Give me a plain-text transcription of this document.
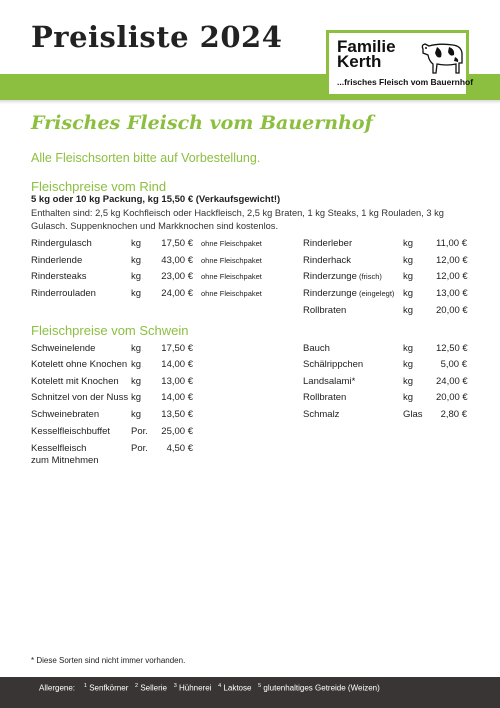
Preisliste 2024	Familie
Kerth
...frisches Fleisch vom Bauernhof
Frisches Fleisch vom Bauernhof
Alle Fleischsorten bitte auf Vorbestellung.
Fleischpreise vom Rind
5 kg oder 10 kg Packung, kg 15,50 € (Verkaufsgewicht!)
Enthalten sind: 2,5 kg Kochfleisch oder Hackfleisch, 2,5 kg Braten, 1 kg Steaks, 1 kg Rouladen, 3 kg Gulasch. Suppenknochen und Markknochen sind kostenlos.
Rindergulasch	kg 17,50 € ohne Fleischpaket
Rinderlende	kg 43,00 € ohne Fleischpaket
Rindersteaks	kg 23,00 € ohne Fleischpaket
Rinderrouladen	kg 24,00 € ohne Fleischpaket
Rinderleber	kg 11,00 €
Rinderhack	kg 12,00 €
Rinderzunge (frisch) kg 12,00 €
Rinderzunge (eingelegt) kg 13,00 €
Rollbraten	kg 20,00 €
Fleischpreise vom Schwein
Schweinelende	kg 17,50 €
Kotelett ohne Knochen kg 14,00 €
Kotelett mit Knochen kg 13,00 €
Schnitzel von der Nuss kg 14,00 €
Schweinebraten	kg 13,50 €
Kesselfleischbuffet Por. 25,00 €
Kesselfleisch
zum Mitnehmen
Por.	4,50 €
Bauch	kg 12,50 €
Schälrippchen	kg	5,00 €
Landsalami*	kg 24,00 €
Rollbraten	kg 20,00 €
Schmalz	Glas	2,80 €
* Diese Sorten sind nicht immer vorhanden.
Allergene: $^1$ Senfkörner $^2$ Sellerie $^3$ Hühnerei $^4$ Laktose $^5$ glutenhaltiges Getreide (Weizen)
